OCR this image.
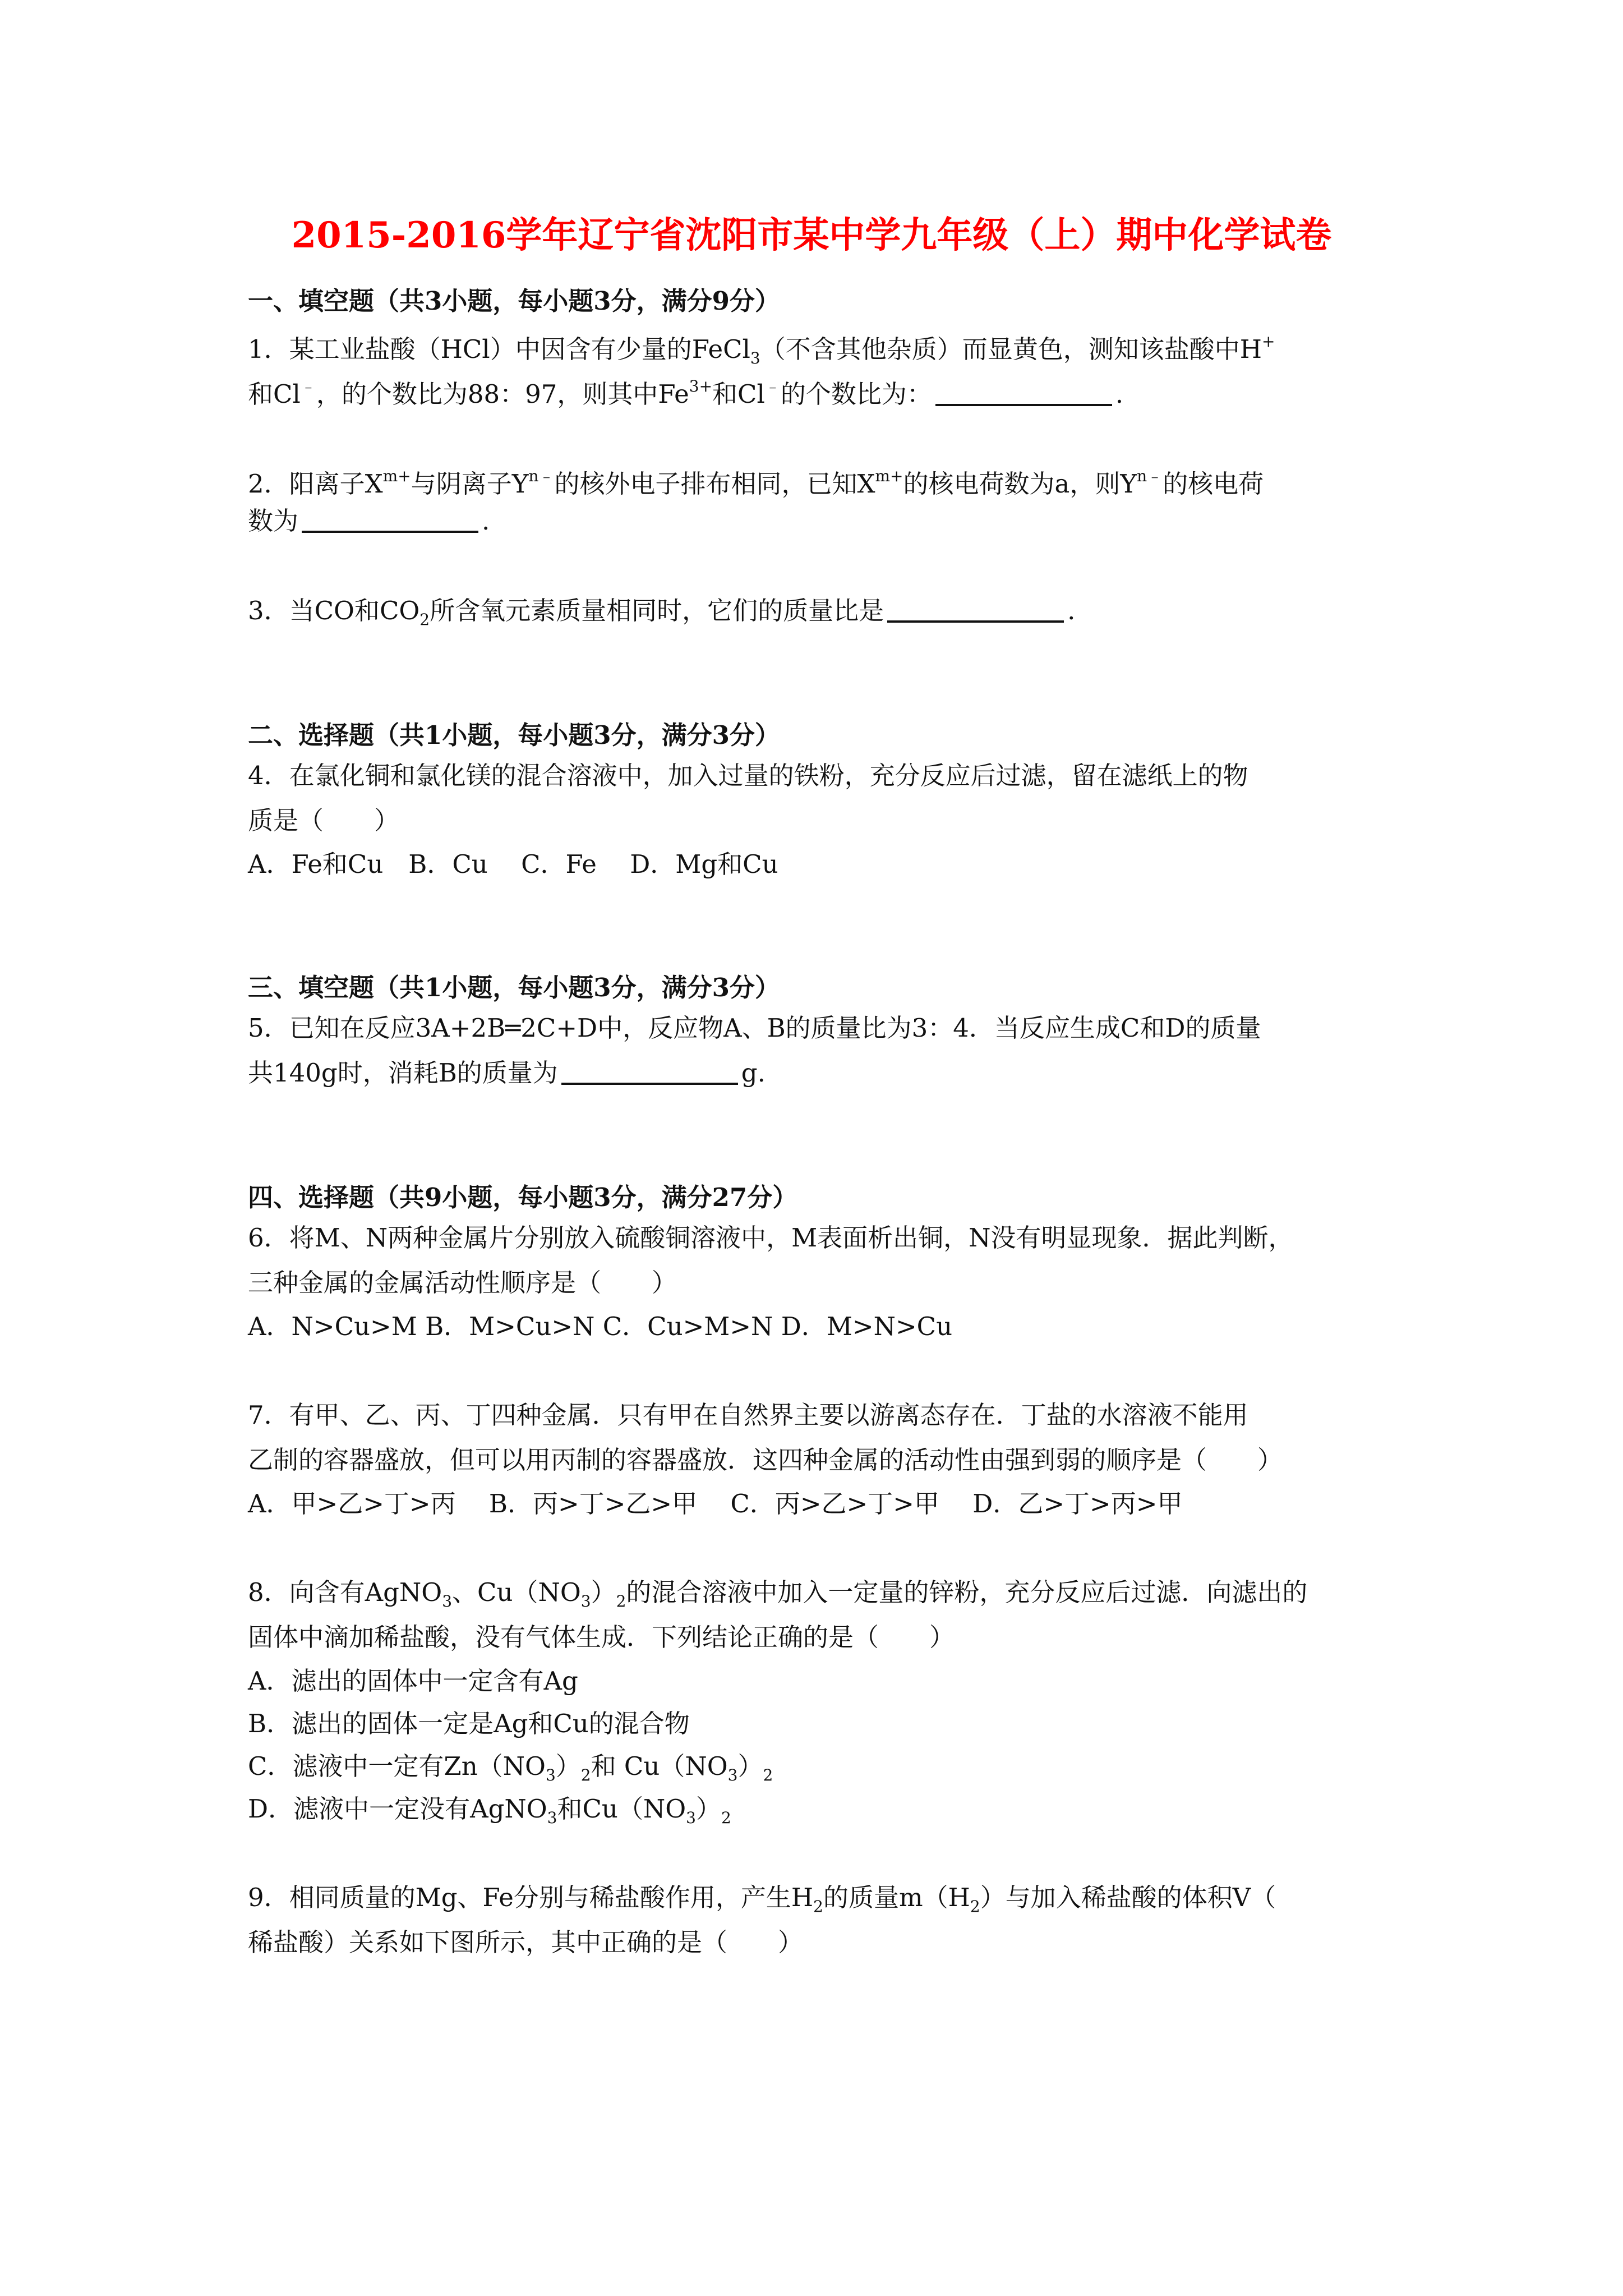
2015-2016学年辽宁省沈阳市某中学九年级（上）期中化学试卷
一、填空题（共3小题，每小题3分，满分9分）
1．某工业盐酸（HCl）中因含有少量的FeCl$_3$（不含其他杂质）而显黄色，测知该盐酸中H+
和Cl﹣，的个数比为88：97，则其中$Fe^{3+}$和Cl﹣的个数比为：	.
2．阳离子$X^{m+}$与阴离子$Y^{n﹣}$的核外电子排布相同，已知$X^{m+}$的核电荷数为a，则$Y^{n﹣}$的核电荷
数为	.
3．当CO和$CO_2$所含氧元素质量相同时，它们的质量比是	.
二、选择题（共1小题，每小题3分，满分3分）
4．在氯化铜和氯化镁的混合溶液中，加入过量的铁粉，充分反应后过滤，留在滤纸上的物
质是（　　）
A．Fe和Cu　B．Cu　 C．Fe　 D．Mg和Cu
三、填空题（共1小题，每小题3分，满分3分）
5．已知在反应3A+2B═2C+D中，反应物A、B的质量比为3：4．当反应生成C和D的质量
共140g时，消耗B的质量为	g.
四、选择题（共9小题，每小题3分，满分27分）
6．将M、N两种金属片分别放入硫酸铜溶液中，M表面析出铜，N没有明显现象．据此判断，
三种金属的金属活动性顺序是（　　）
A．N>Cu>M B．M>Cu>N C．Cu>M>N D．M>N>Cu
7．有甲、乙、丙、丁四种金属．只有甲在自然界主要以游离态存在．丁盐的水溶液不能用
乙制的容器盛放，但可以用丙制的容器盛放．这四种金属的活动性由强到弱的顺序是（　　）
A．甲>乙>丁>丙　 B．丙>丁>乙>甲　 C．丙>乙>丁>甲　 D．乙>丁>丙>甲
8．向含有AgNO$_3$、$Cu(NO_3)_2$的混合溶液中加入一定量的锌粉，充分反应后过滤．向滤出的
固体中滴加稀盐酸，没有气体生成．下列结论正确的是（　　）
A．滤出的固体中一定含有Ag
B．滤出的固体一定是Ag和Cu的混合物
C．滤液中一定有$Zn(NO_3)_2$和 $Cu(NO_3)_2$
D．滤液中一定没有AgNO$_3$和$Cu(NO_3)_2$
9．相同质量的Mg、Fe分别与稀盐酸作用，产生$H_2$的质量$m(H_2)$与加入稀盐酸的体积V（
稀盐酸）关系如下图所示，其中正确的是（　　）
